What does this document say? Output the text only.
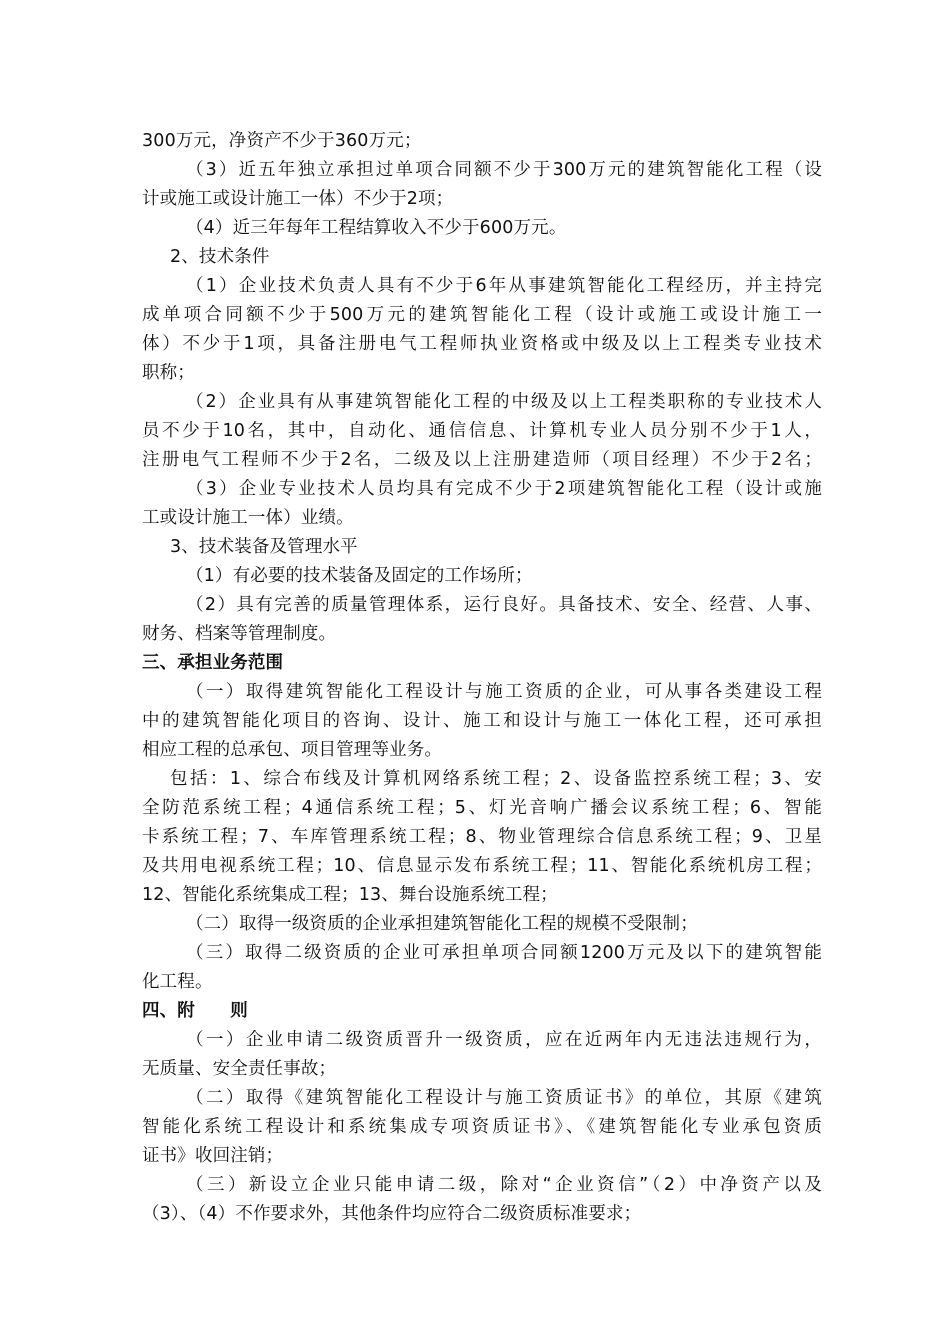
300万元，净资产不少于360万元；
（3）近五年独立承担过单项合同额不少于300万元的建筑智能化工程（设
计或施工或设计施工一体）不少于2项；
（4）近三年每年工程结算收入不少于600万元。
2、技术条件
（1）企业技术负责人具有不少于6年从事建筑智能化工程经历，并主持完
成单项合同额不少于500万元的建筑智能化工程（设计或施工或设计施工一
体）不少于1项，具备注册电气工程师执业资格或中级及以上工程类专业技术
职称；
（2）企业具有从事建筑智能化工程的中级及以上工程类职称的专业技术人
员不少于10名，其中，自动化、通信信息、计算机专业人员分别不少于1人，
注册电气工程师不少于2名，二级及以上注册建造师（项目经理）不少于2名；
（3）企业专业技术人员均具有完成不少于2项建筑智能化工程（设计或施
工或设计施工一体）业绩。
3、技术装备及管理水平
（1）有必要的技术装备及固定的工作场所；
（2）具有完善的质量管理体系，运行良好。具备技术、安全、经营、人事、
财务、档案等管理制度。
三、承担业务范围
（一）取得建筑智能化工程设计与施工资质的企业，可从事各类建设工程
中的建筑智能化项目的咨询、设计、施工和设计与施工一体化工程，还可承担
相应工程的总承包、项目管理等业务。
包括：1、综合布线及计算机网络系统工程；2、设备监控系统工程；3、安
全防范系统工程；4通信系统工程；5、灯光音响广播会议系统工程；6、智能
卡系统工程；7、车库管理系统工程；8、物业管理综合信息系统工程；9、卫星
及共用电视系统工程；10、信息显示发布系统工程；11、智能化系统机房工程；
12、智能化系统集成工程；13、舞台设施系统工程；
（二）取得一级资质的企业承担建筑智能化工程的规模不受限制；
（三）取得二级资质的企业可承担单项合同额1200万元及以下的建筑智能
化工程。
四、附　　则
（一）企业申请二级资质晋升一级资质，应在近两年内无违法违规行为，
无质量、安全责任事故；
（二）取得《建筑智能化工程设计与施工资质证书》的单位，其原《建筑
智能化系统工程设计和系统集成专项资质证书》、《建筑智能化专业承包资质
证书》收回注销；
（三）新设立企业只能申请二级，除对“企业资信”（2）中净资产以及
（3）、（4）不作要求外，其他条件均应符合二级资质标准要求；
